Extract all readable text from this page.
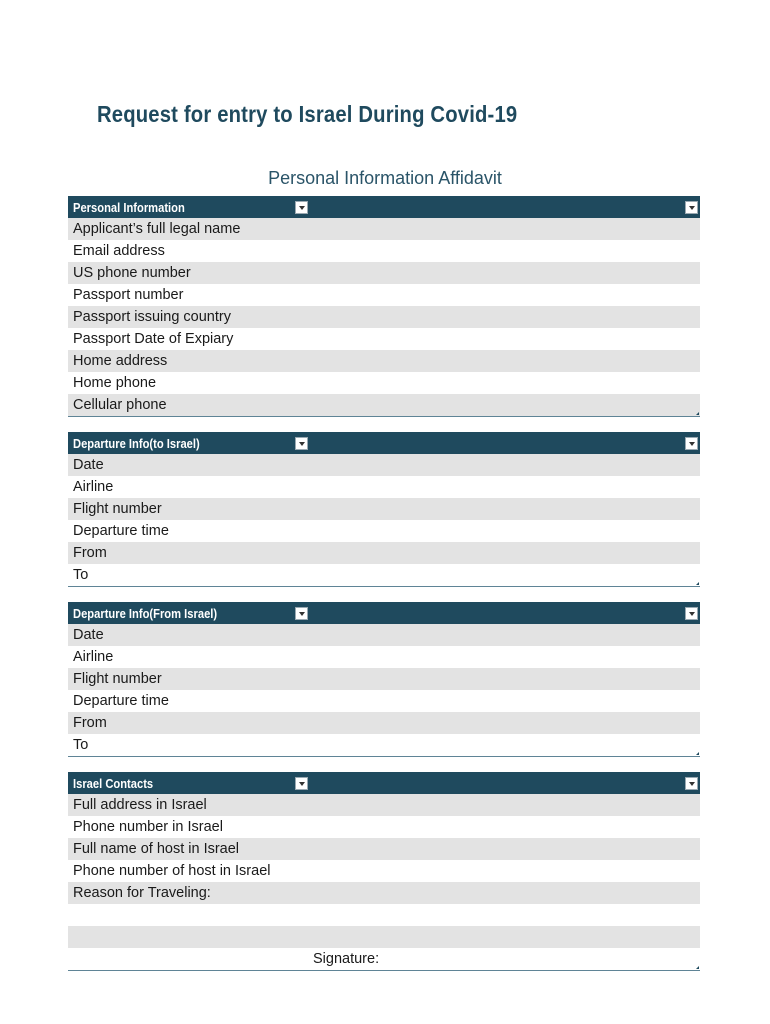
Request for entry to Israel During Covid-19
Personal Information Affidavit
Personal Information
Applicant’s full legal name
Email address
US phone number
Passport number
Passport issuing country
Passport Date of Expiary
Home address
Home phone
Cellular phone
Departure Info(to Israel)
Date
Airline
Flight number
Departure time
From
To
Departure Info(From Israel)
Date
Airline
Flight number
Departure time
From
To
Israel Contacts
Full address in Israel
Phone number in Israel
Full name of host in Israel
Phone number of host in Israel
Reason for Traveling:
Signature:
